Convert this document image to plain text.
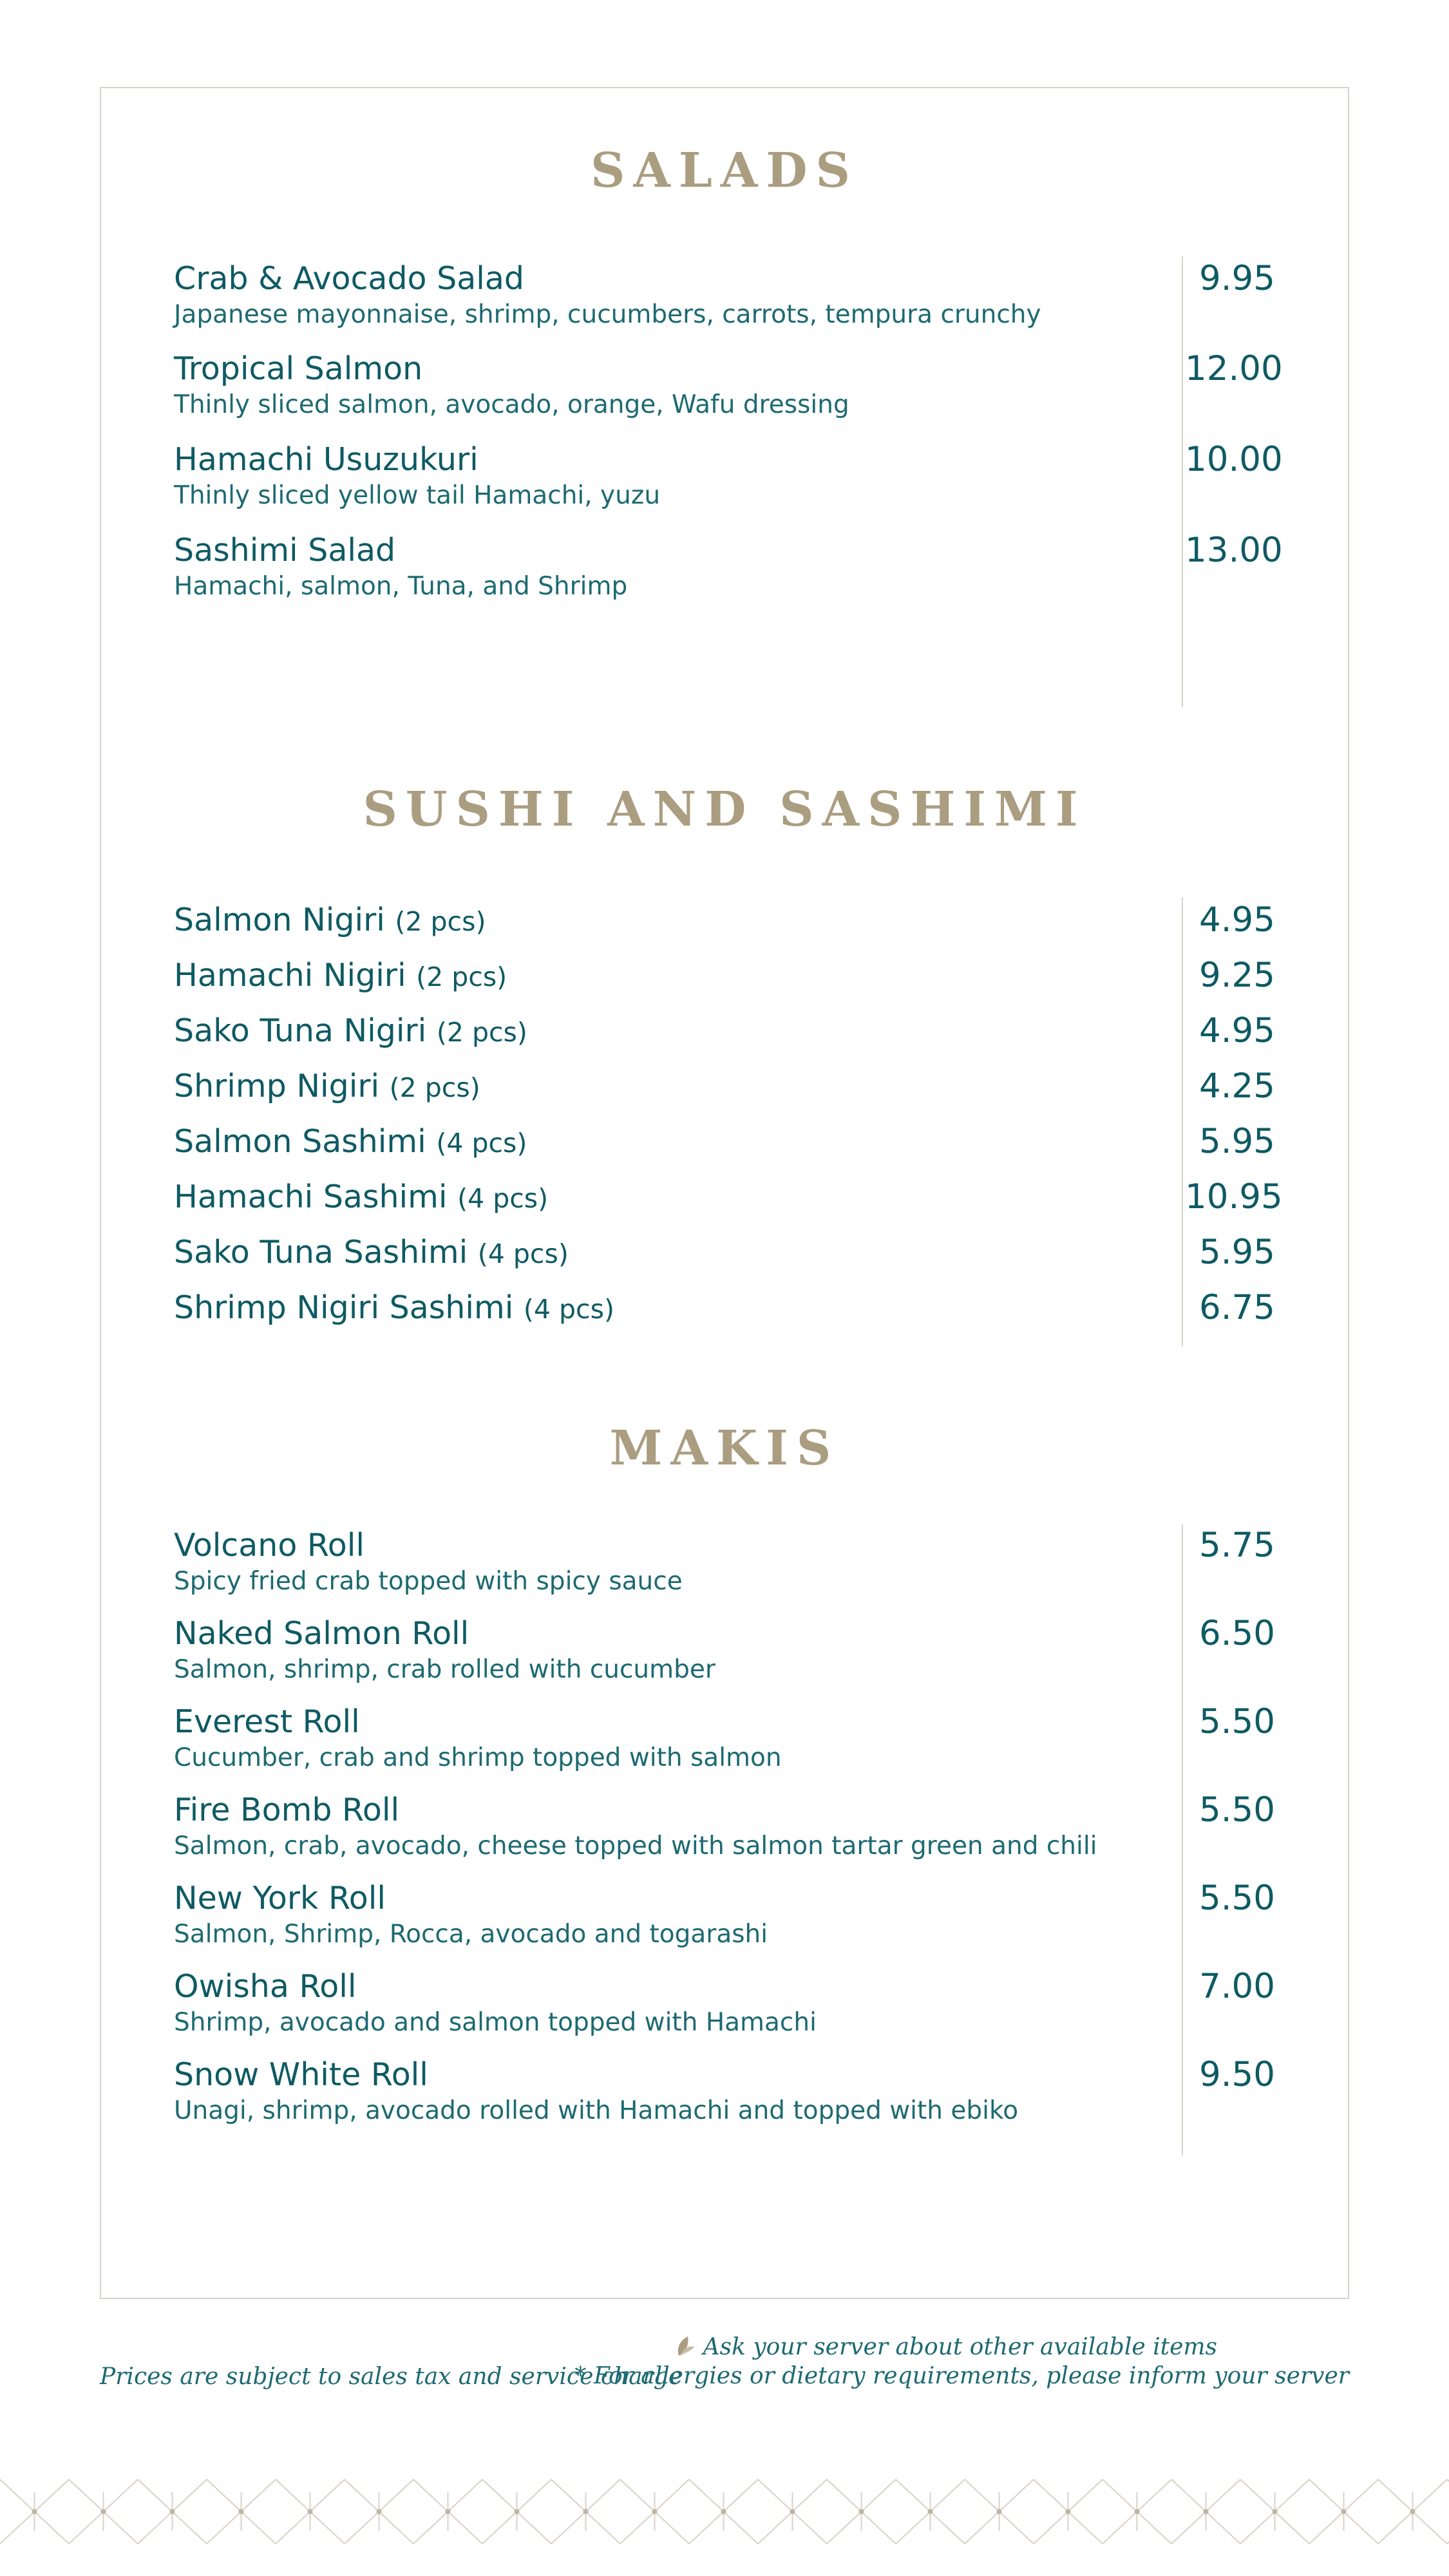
SALADS
Crab & Avocado Salad
Japanese mayonnaise, shrimp, cucumbers, carrots, tempura crunchy
9.95
Tropical Salmon
Thinly sliced salmon, avocado, orange, Wafu dressing
12.00
Hamachi Usuzukuri
Thinly sliced yellow tail Hamachi, yuzu
10.00
Sashimi Salad
Hamachi, salmon, Tuna, and Shrimp
13.00
SUSHI AND SASHIMI
Salmon Nigiri (2 pcs)	4.95
Hamachi Nigiri (2 pcs)	9.25
Sako Tuna Nigiri (2 pcs)	4.95
Shrimp Nigiri (2 pcs)	4.25
Salmon Sashimi (4 pcs)	5.95
Hamachi Sashimi (4 pcs)	10.95
Sako Tuna Sashimi (4 pcs)	5.95
Shrimp Nigiri Sashimi (4 pcs)	6.75
MAKIS
Volcano Roll
Spicy fried crab topped with spicy sauce
5.75
Naked Salmon Roll
Salmon, shrimp, crab rolled with cucumber
6.50
Everest Roll
Cucumber, crab and shrimp topped with salmon
5.50
Fire Bomb Roll
Salmon, crab, avocado, cheese topped with salmon tartar green and chili
5.50
New York Roll
Salmon, Shrimp, Rocca, avocado and togarashi
5.50
Owisha Roll
Shrimp, avocado and salmon topped with Hamachi
7.00
Snow White Roll
Unagi, shrimp, avocado rolled with Hamachi and topped with ebiko
9.50
Prices are subject to sales tax and service charge
Ask your server about other available items
* For allergies or dietary requirements, please inform your server
